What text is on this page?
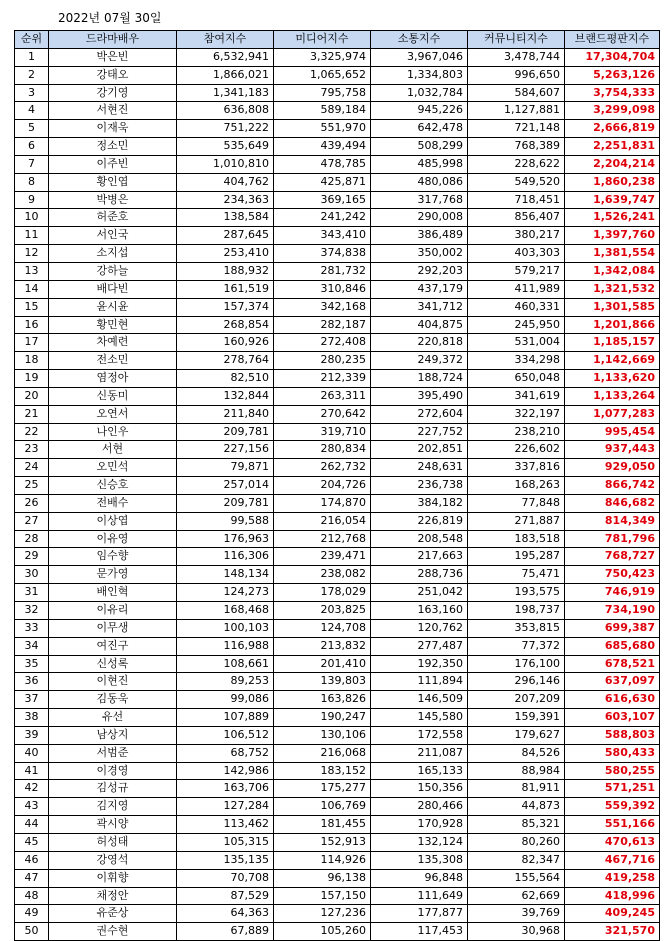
2022년 07월 30일
순위	드라마배우	참여지수	미디어지수	소통지수	커뮤니티지수	브랜드평판지수
1	박은빈	6,532,941	3,325,974	3,967,046	3,478,744	17,304,704
2	강태오	1,866,021	1,065,652	1,334,803	996,650	5,263,126
3	강기영	1,341,183	795,758	1,032,784	584,607	3,754,333
4	서현진	636,808	589,184	945,226	1,127,881	3,299,098
5	이재욱	751,222	551,970	642,478	721,148	2,666,819
6	정소민	535,649	439,494	508,299	768,389	2,251,831
7	이주빈	1,010,810	478,785	485,998	228,622	2,204,214
8	황인엽	404,762	425,871	480,086	549,520	1,860,238
9	박병은	234,363	369,165	317,768	718,451	1,639,747
10	허준호	138,584	241,242	290,008	856,407	1,526,241
11	서인국	287,645	343,410	386,489	380,217	1,397,760
12	소지섭	253,410	374,838	350,002	403,303	1,381,554
13	강하늘	188,932	281,732	292,203	579,217	1,342,084
14	배다빈	161,519	310,846	437,179	411,989	1,321,532
15	윤시윤	157,374	342,168	341,712	460,331	1,301,585
16	황민현	268,854	282,187	404,875	245,950	1,201,866
17	차예련	160,926	272,408	220,818	531,004	1,185,157
18	전소민	278,764	280,235	249,372	334,298	1,142,669
19	염정아	82,510	212,339	188,724	650,048	1,133,620
20	신동미	132,844	263,311	395,490	341,619	1,133,264
21	오연서	211,840	270,642	272,604	322,197	1,077,283
22	나인우	209,781	319,710	227,752	238,210	995,454
23	서현	227,156	280,834	202,851	226,602	937,443
24	오민석	79,871	262,732	248,631	337,816	929,050
25	신승호	257,014	204,726	236,738	168,263	866,742
26	전배수	209,781	174,870	384,182	77,848	846,682
27	이상엽	99,588	216,054	226,819	271,887	814,349
28	이유영	176,963	212,768	208,548	183,518	781,796
29	임수향	116,306	239,471	217,663	195,287	768,727
30	문가영	148,134	238,082	288,736	75,471	750,423
31	배인혁	124,273	178,029	251,042	193,575	746,919
32	이유리	168,468	203,825	163,160	198,737	734,190
33	이무생	100,103	124,708	120,762	353,815	699,387
34	여진구	116,988	213,832	277,487	77,372	685,680
35	신성록	108,661	201,410	192,350	176,100	678,521
36	이현진	89,253	139,803	111,894	296,146	637,097
37	김동욱	99,086	163,826	146,509	207,209	616,630
38	유선	107,889	190,247	145,580	159,391	603,107
39	남상지	106,512	130,106	172,558	179,627	588,803
40	서범준	68,752	216,068	211,087	84,526	580,433
41	이경영	142,986	183,152	165,133	88,984	580,255
42	김성규	163,706	175,277	150,356	81,911	571,251
43	김지영	127,284	106,769	280,466	44,873	559,392
44	곽시양	113,462	181,455	170,928	85,321	551,166
45	허성태	105,315	152,913	132,124	80,260	470,613
46	강영석	135,135	114,926	135,308	82,347	467,716
47	이휘향	70,708	96,138	96,848	155,564	419,258
48	채정안	87,529	157,150	111,649	62,669	418,996
49	유준상	64,363	127,236	177,877	39,769	409,245
50	권수현	67,889	105,260	117,453	30,968	321,570
